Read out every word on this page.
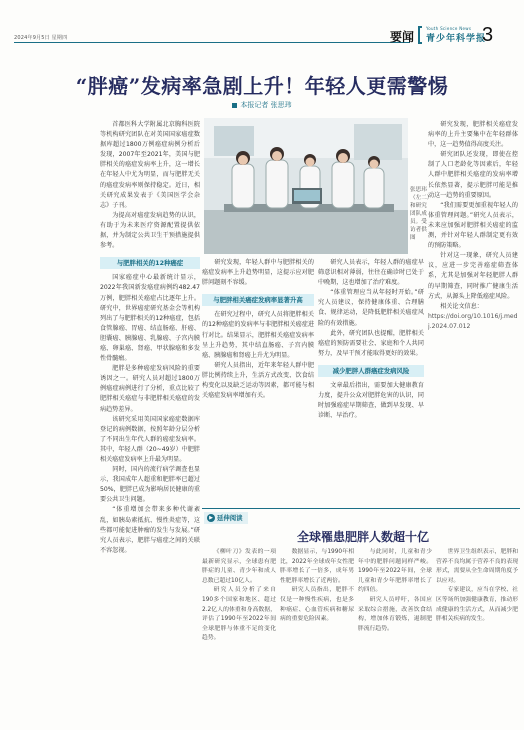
2024年9月5日 星期四	要闻
Youth Science News
青少年科学报
3
“胖癌”发病率急剧上升！年轻人更需警惕
本报记者 张思玮

首都医科大学附属北京胸科医院等机构研究团队在对美国国家癌症数据库超过1800万例癌症病例分析后发现，2007年至2021年，美国与肥胖相关的癌症发病率上升，这一增长在年轻人中尤为明显，而与肥胖无关的癌症发病率则保持稳定。近日，相关研究成果发表于《美国医学会杂志》子刊。

为提高对癌症发病趋势的认识，有助于为未来医疗资源配置提供依据，并为制定公共卫生干预措施提供参考。

与肥胖相关的12种癌症

国家癌症中心最新统计显示，2022年我国新发癌症病例约482.47万例，肥胖相关癌症占比逐年上升。研究中，世界癌症研究基金会等机构列出了与肥胖相关的12种癌症，包括食管腺癌、胃癌、结直肠癌、肝癌、胆囊癌、胰腺癌、乳腺癌、子宫内膜癌、卵巢癌、肾癌、甲状腺癌和多发性骨髓瘤。

肥胖是多种癌症发病风险的重要诱因之一。研究人员对超过1800万例癌症病例进行了分析，重点比较了肥胖相关癌症与非肥胖相关癌症的发病趋势差异。

该研究采用美国国家癌症数据库登记的病例数据，按照年龄分层分析了不同出生年代人群的癌症发病率。其中，年轻人群（20~49岁）中肥胖相关癌症发病率上升最为明显。

同时，国内的流行病学调查也显示，我国成年人超重和肥胖率已超过50%，肥胖已成为影响居民健康的重要公共卫生问题。

“体重增加会带来多种代谢紊乱，如胰岛素抵抗、慢性炎症等，这些都可能促进肿瘤的发生与发展。”研究人员表示，肥胖与癌症之间的关联不容忽视。

张思玮（左二）和研究团队成员。受访者供图

研究发现，年轻人群中与肥胖相关的癌症发病率上升趋势明显，这提示应对肥胖问题刻不容缓。

与肥胖相关癌症发病率显著升高

在研究过程中，研究人员将肥胖相关的12种癌症的发病率与非肥胖相关癌症进行对比。结果显示，肥胖相关癌症发病率呈上升趋势，其中结直肠癌、子宫内膜癌、胰腺癌和肾癌上升尤为明显。

研究人员指出，近年来年轻人群中肥胖比例持续上升，生活方式改变、饮食结构变化以及缺乏运动等因素，都可能与相关癌症发病率增加有关。

研究人员表示，年轻人群的癌症早筛意识相对薄弱，往往在确诊时已处于中晚期，这也增加了治疗难度。

“体重管理应当从年轻时开始。”研究人员建议，保持健康体重、合理膳食、规律运动，是降低肥胖相关癌症风险的有效措施。

此外，研究团队也提醒，肥胖相关癌症的预防需要社会、家庭和个人共同努力，及早干预才能取得更好的效果。

减少肥胖人群癌症发病风险

文章最后指出，需要加大健康教育力度，提升公众对肥胖危害的认识，同时加强癌症早期筛查，做到早发现、早诊断、早治疗。

研究发现，肥胖相关癌症发病率的上升主要集中在年轻群体中，这一趋势值得高度关注。

研究团队还发现，即使在控制了人口老龄化等因素后，年轻人群中肥胖相关癌症的发病率增长依然显著，提示肥胖可能是推动这一趋势的重要原因。

“我们需要更加重视年轻人的体重管理问题。”研究人员表示，未来应加强对肥胖相关癌症的监测，并针对年轻人群制定更有效的预防策略。

针对这一现象，研究人员建议，应进一步完善癌症筛查体系，尤其是加强对年轻肥胖人群的早期筛查，同时推广健康生活方式，从源头上降低癌症风险。

相关论文信息：

https://doi.org/10.1016/j.medj.2024.07.012
▶ 延伸阅读
全球罹患肥胖人数超十亿

《柳叶刀》发表的一项最新研究显示，全球患有肥胖症的儿童、青少年和成人总数已超过10亿人。

研究人员分析了来自190多个国家和地区、超过2.2亿人的体重和身高数据，评估了1990年至2022年间全球肥胖与体重不足的变化趋势。

数据显示，与1990年相比，2022年全球成年女性肥胖率增长了一倍多，成年男性肥胖率增长了近两倍。

研究人员指出，肥胖不仅是一种慢性疾病，也是多种癌症、心血管疾病和糖尿病的重要危险因素。

与此同时，儿童和青少年中的肥胖问题同样严峻。1990年至2022年间，全球儿童和青少年肥胖率增长了约四倍。

研究人员呼吁，各国应采取综合措施，改善饮食结构，增加体育锻炼，遏制肥胖流行趋势。

世界卫生组织表示，肥胖和营养不良均属于营养不良的表现形式，需要从全生命周期角度予以应对。

专家建议，应当在学校、社区等场所加强健康教育，推动形成健康的生活方式，从而减少肥胖相关疾病的发生。
